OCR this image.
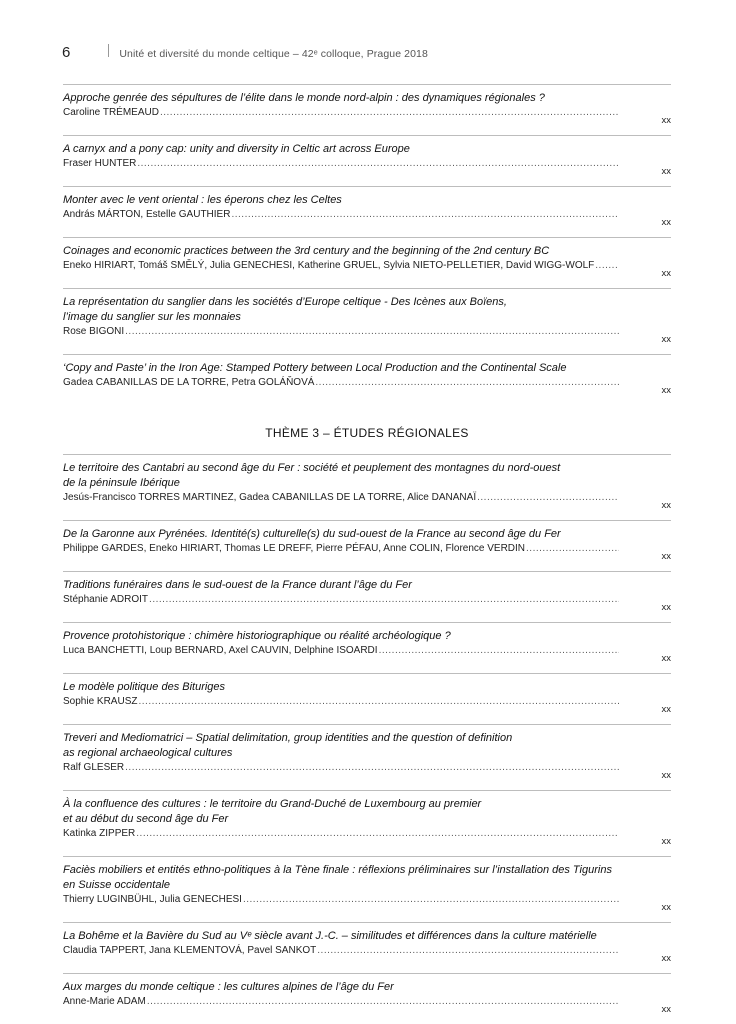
6	Unité et diversité du monde celtique – 42ᵉ colloque, Prague 2018
Approche genrée des sépultures de l’élite dans le monde nord-alpin : des dynamiques régionales ?
Caroline TRÉMEAUD
.....
xx
A carnyx and a pony cap: unity and diversity in Celtic art across Europe
Fraser HUNTER
.....
xx
Monter avec le vent oriental : les éperons chez les Celtes
András MÁRTON, Estelle GAUTHIER
.....
xx
Coinages and economic practices between the 3rd century and the beginning of the 2nd century BC
Eneko HIRIART, Tomáš SMĚLÝ, Julia GENECHESI, Katherine GRUEL, Sylvia NIETO-PELLETIER, David WIGG-WOLF
.....
xx
La représentation du sanglier dans les sociétés d’Europe celtique - Des Icènes aux Boïens,
l’image du sanglier sur les monnaies
Rose BIGONI
.....
xx
‘Copy and Paste’ in the Iron Age: Stamped Pottery between Local Production and the Continental Scale
Gadea CABANILLAS DE LA TORRE, Petra GOLÁŇOVÁ
.....
xx
THÈME 3 – ÉTUDES RÉGIONALES
Le territoire des Cantabri au second âge du Fer : société et peuplement des montagnes du nord-ouest
de la péninsule Ibérique
Jesús-Francisco TORRES MARTINEZ, Gadea CABANILLAS DE LA TORRE, Alice DANANAÏ
.....
xx
De la Garonne aux Pyrénées. Identité(s) culturelle(s) du sud-ouest de la France au second âge du Fer
Philippe GARDES, Eneko HIRIART, Thomas LE DREFF, Pierre PÉFAU, Anne COLIN, Florence VERDIN
.....
xx
Traditions funéraires dans le sud-ouest de la France durant l’âge du Fer
Stéphanie ADROIT
.....
xx
Provence protohistorique : chimère historiographique ou réalité archéologique ?
Luca BANCHETTI, Loup BERNARD, Axel CAUVIN, Delphine ISOARDI
.....
xx
Le modèle politique des Bituriges
Sophie KRAUSZ
.....
xx
Treveri and Mediomatrici – Spatial delimitation, group identities and the question of definition
as regional archaeological cultures
Ralf GLESER
.....
xx
À la confluence des cultures : le territoire du Grand-Duché de Luxembourg au premier
et au début du second âge du Fer
Katinka ZIPPER
.....
xx
Faciès mobiliers et entités ethno-politiques à la Tène finale : réflexions préliminaires sur l’installation des Tigurins
en Suisse occidentale
Thierry LUGINBÜHL, Julia GENECHESI
.....
xx
La Bohême et la Bavière du Sud au Vᵉ siècle avant J.-C. – similitudes et différences dans la culture matérielle
Claudia TAPPERT, Jana KLEMENTOVÁ, Pavel SANKOT
.....
xx
Aux marges du monde celtique : les cultures alpines de l’âge du Fer
Anne-Marie ADAM
.....
xx
